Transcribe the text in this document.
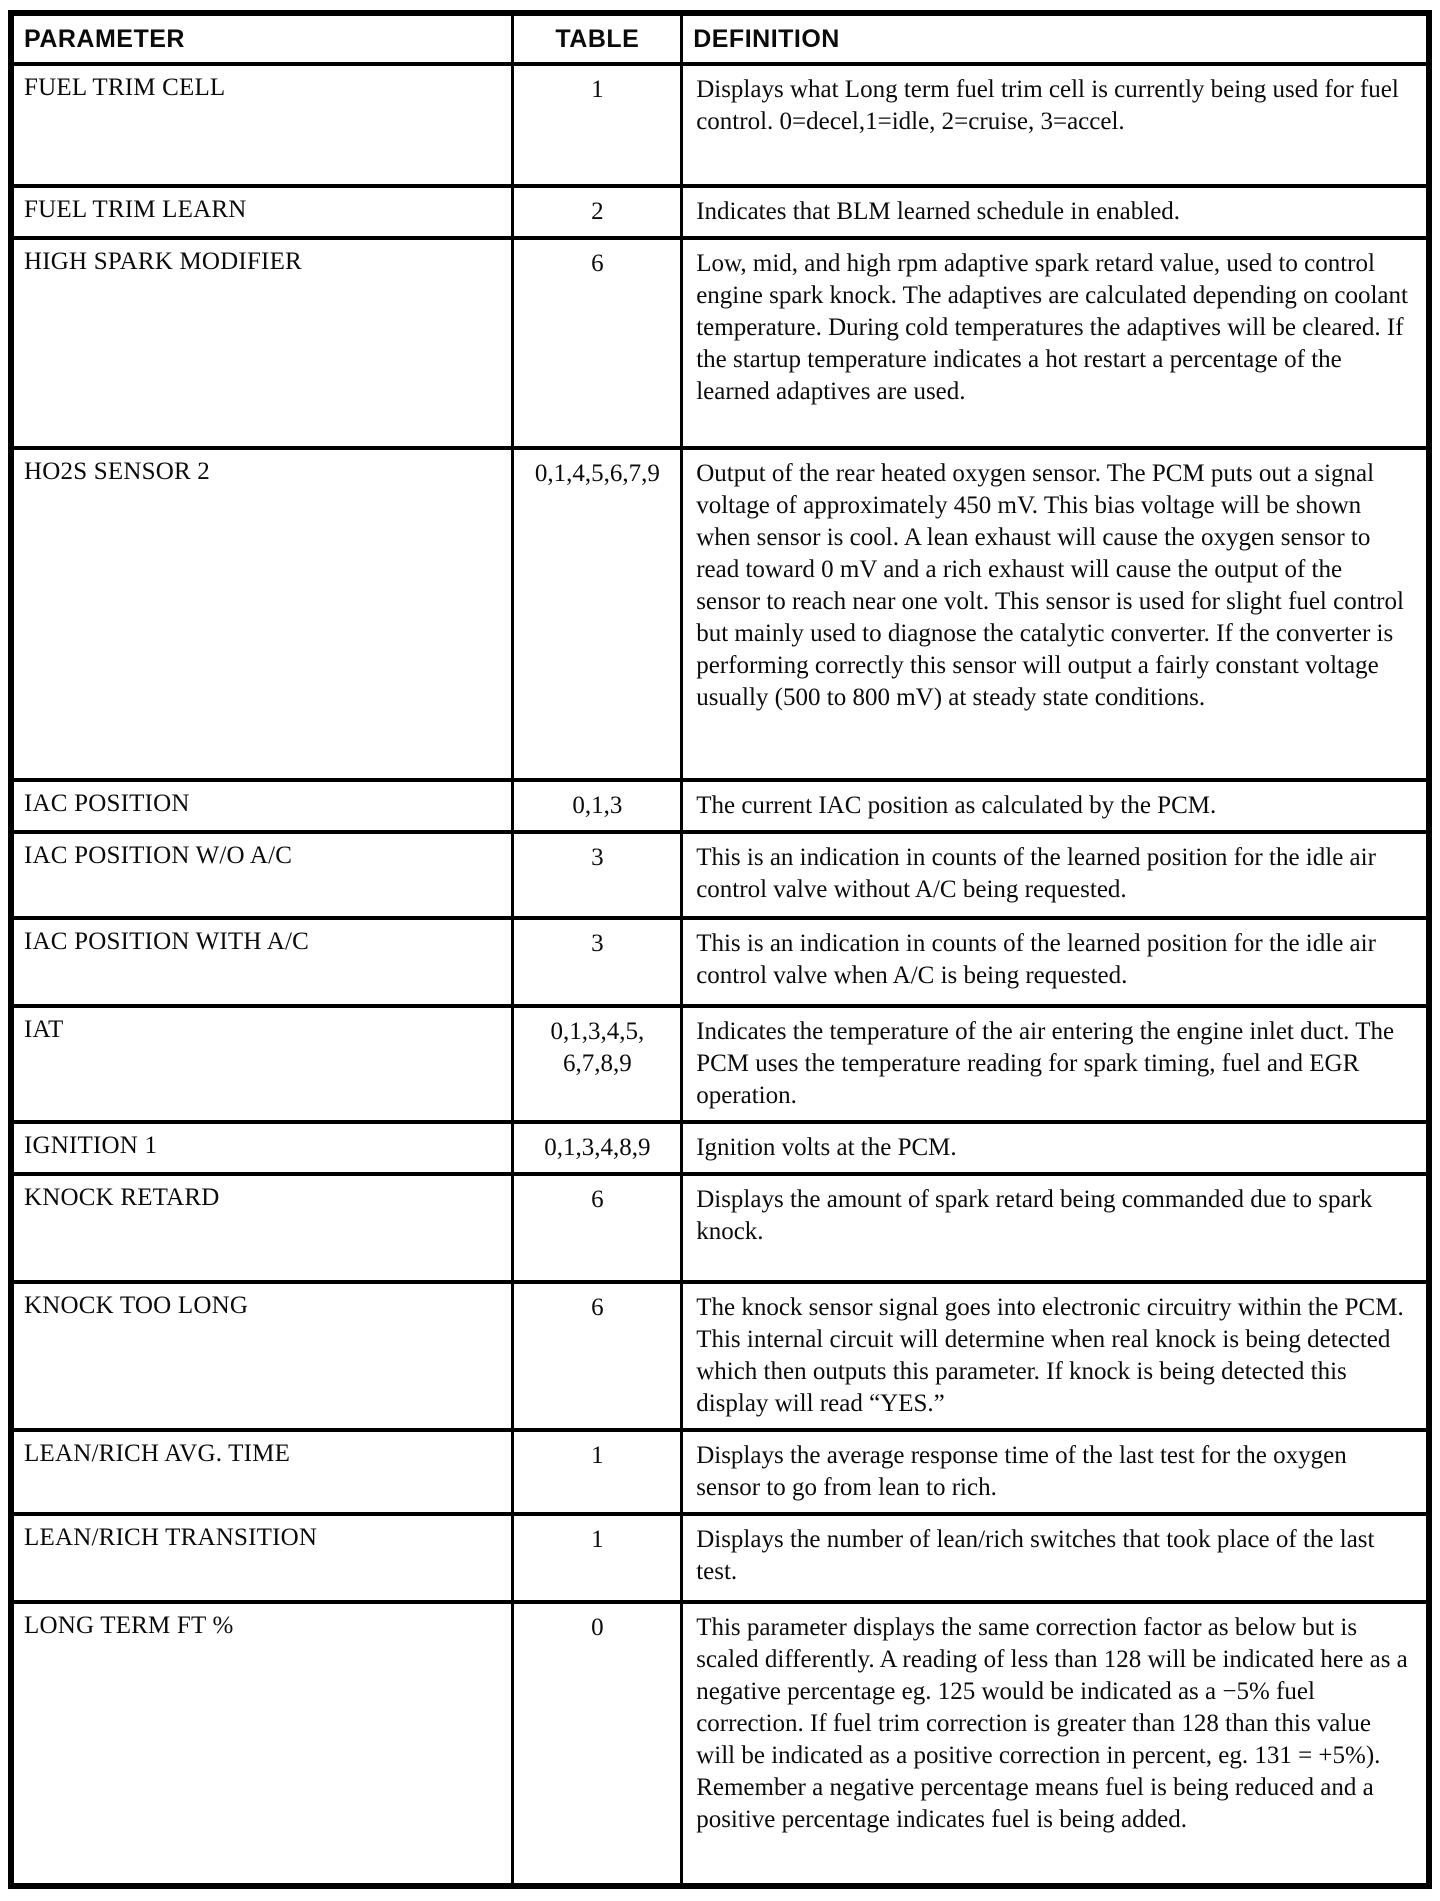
PARAMETER	TABLE	DEFINITION
FUEL TRIM CELL	1	Displays what Long term fuel trim cell is currently being used for fuel control. 0=decel,1=idle, 2=cruise, 3=accel.
FUEL TRIM LEARN	2	Indicates that BLM learned schedule in enabled.
HIGH SPARK MODIFIER	6	Low, mid, and high rpm adaptive spark retard value, used to control engine spark knock. The adaptives are calculated depending on coolant temperature. During cold temperatures the adaptives will be cleared. If the startup temperature indicates a hot restart a percentage of the learned adaptives are used.
HO2S SENSOR 2	0,1,4,5,6,7,9	Output of the rear heated oxygen sensor. The PCM puts out a signal voltage of approximately 450 mV. This bias voltage will be shown when sensor is cool. A lean exhaust will cause the oxygen sensor to read toward 0 mV and a rich exhaust will cause the output of the sensor to reach near one volt. This sensor is used for slight fuel control but mainly used to diagnose the catalytic converter. If the converter is performing correctly this sensor will output a fairly constant voltage usually (500 to 800 mV) at steady state conditions.
IAC POSITION	0,1,3	The current IAC position as calculated by the PCM.
IAC POSITION W/O A/C	3	This is an indication in counts of the learned position for the idle air control valve without A/C being requested.
IAC POSITION WITH A/C	3	This is an indication in counts of the learned position for the idle air control valve when A/C is being requested.
IAT	0,1,3,4,5, 6,7,8,9	Indicates the temperature of the air entering the engine inlet duct. The PCM uses the temperature reading for spark timing, fuel and EGR operation.
IGNITION 1	0,1,3,4,8,9	Ignition volts at the PCM.
KNOCK RETARD	6	Displays the amount of spark retard being commanded due to spark knock.
KNOCK TOO LONG	6	The knock sensor signal goes into electronic circuitry within the PCM. This internal circuit will determine when real knock is being detected which then outputs this parameter. If knock is being detected this display will read “YES.”
LEAN/RICH AVG. TIME	1	Displays the average response time of the last test for the oxygen sensor to go from lean to rich.
LEAN/RICH TRANSITION	1	Displays the number of lean/rich switches that took place of the last test.
LONG TERM FT %	0	This parameter displays the same correction factor as below but is scaled differently. A reading of less than 128 will be indicated here as a negative percentage eg. 125 would be indicated as a −5% fuel correction. If fuel trim correction is greater than 128 than this value will be indicated as a positive correction in percent, eg. 131 = +5%). Remember a negative percentage means fuel is being reduced and a positive percentage indicates fuel is being added.
